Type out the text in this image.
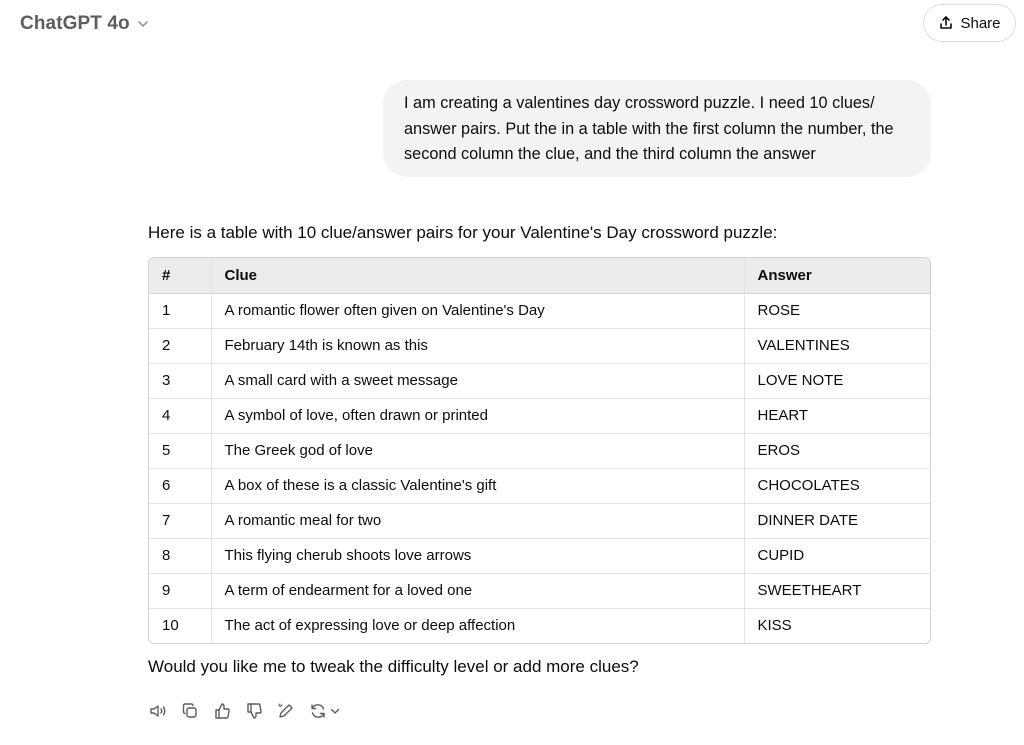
ChatGPT 4o	Share
I am creating a valentines day crossword puzzle. I need 10 clues/ answer pairs. Put the in a table with the first column the number, the second column the clue, and the third column the answer
Here is a table with 10 clue/answer pairs for your Valentine's Day crossword puzzle:
#	Clue	Answer
1	A romantic flower often given on Valentine's Day	ROSE
2	February 14th is known as this	VALENTINES
3	A small card with a sweet message	LOVE NOTE
4	A symbol of love, often drawn or printed	HEART
5	The Greek god of love	EROS
6	A box of these is a classic Valentine's gift	CHOCOLATES
7	A romantic meal for two	DINNER DATE
8	This flying cherub shoots love arrows	CUPID
9	A term of endearment for a loved one	SWEETHEART
10	The act of expressing love or deep affection	KISS
Would you like me to tweak the difficulty level or add more clues?
